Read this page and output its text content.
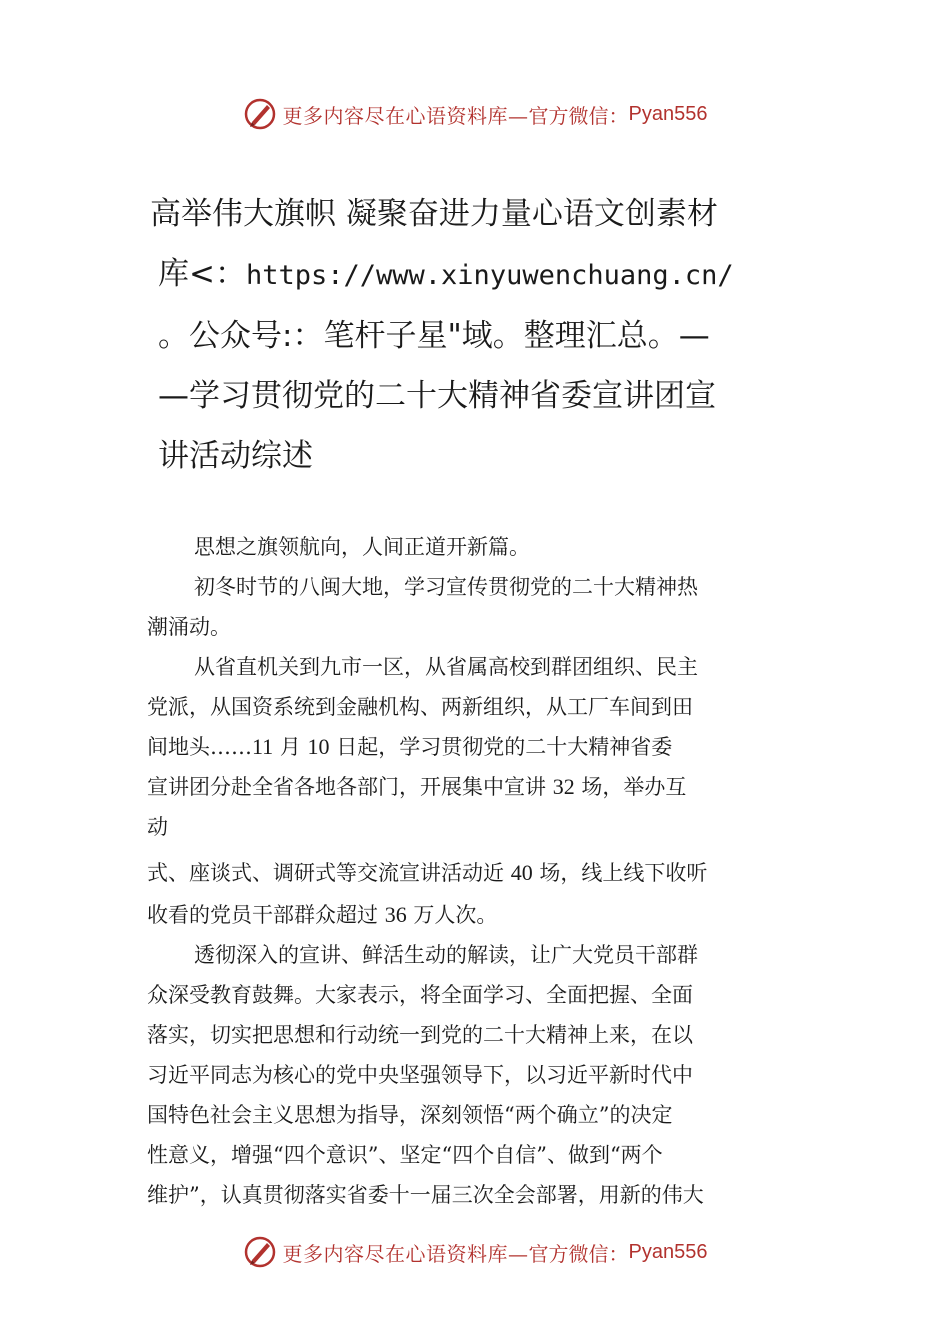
更多内容尽在心语资料库— 官方微信： Pyan556
高举伟大旗帜 凝聚奋进力量心语文创素材
库<：https://www.xinyuwenchuang.cn/
。公众号:：笔杆子星"域。整理汇总。—
—学习贯彻党的二十大精神省委宣讲团宣
讲活动综述
思想之旗领航向，人间正道开新篇。
初冬时节的八闽大地，学习宣传贯彻党的二十大精神热
潮涌动。
从省直机关到九市一区，从省属高校到群团组织、民主
党派，从国资系统到金融机构、两新组织，从工厂车间到田
间地头……11 月 10 日起，学习贯彻党的二十大精神省委
宣讲团分赴全省各地各部门，开展集中宣讲 32 场，举办互
动
式、座谈式、调研式等交流宣讲活动近 40 场，线上线下收听
收看的党员干部群众超过 36 万人次。
透彻深入的宣讲、鲜活生动的解读，让广大党员干部群
众深受教育鼓舞。大家表示，将全面学习、全面把握、全面
落实，切实把思想和行动统一到党的二十大精神上来，在以
习近平同志为核心的党中央坚强领导下，以习近平新时代中
国特色社会主义思想为指导，深刻领悟“两个确立”的决定
性意义，增强“四个意识”、坚定“四个自信”、做到“两个
维护”，认真贯彻落实省委十一届三次全会部署，用新的伟大
更多内容尽在心语资料库— 官方微信： Pyan556
